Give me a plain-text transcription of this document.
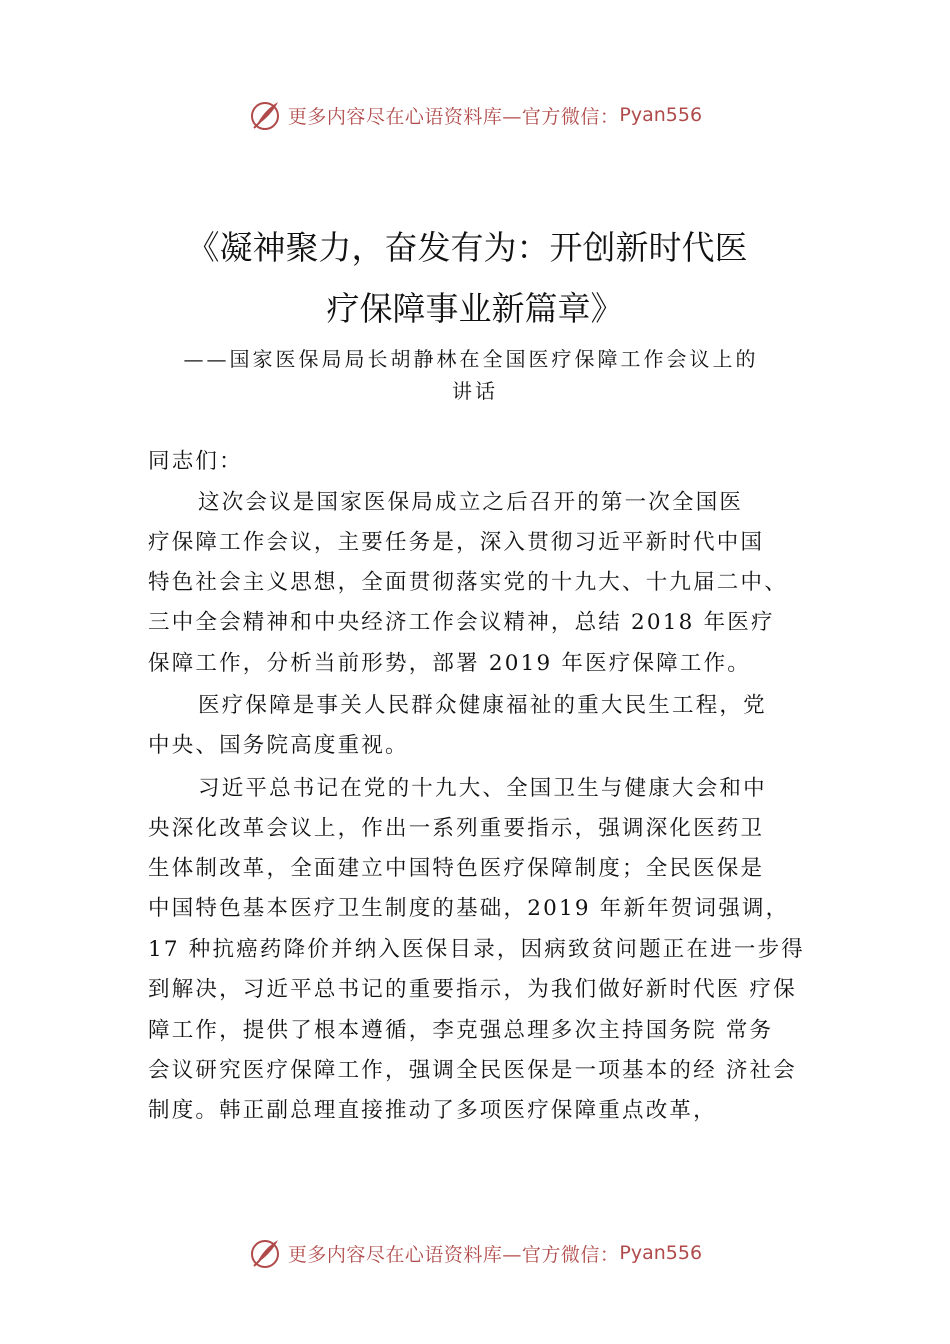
更多内容尽在心语资料库—官方微信： Pyan556
《凝神聚力，奋发有为：开创新时代医
疗保障事业新篇章》
——国家医保局局长胡静林在全国医疗保障工作会议上的
讲话
同志们：
这次会议是国家医保局成立之后召开的第一次全国医
疗保障工作会议，主要任务是，深入贯彻习近平新时代中国
特色社会主义思想，全面贯彻落实党的十九大、十九届二中、
三中全会精神和中央经济工作会议精神，总结 2018 年医疗
保障工作，分析当前形势，部署 2019 年医疗保障工作。
医疗保障是事关人民群众健康福祉的重大民生工程，党
中央、国务院高度重视。
习近平总书记在党的十九大、全国卫生与健康大会和中
央深化改革会议上，作出一系列重要指示，强调深化医药卫
生体制改革，全面建立中国特色医疗保障制度；全民医保是
中国特色基本医疗卫生制度的基础，2019 年新年贺词强调，
17 种抗癌药降价并纳入医保目录，因病致贫问题正在进一步得
到解决，习近平总书记的重要指示，为我们做好新时代医 疗保
障工作，提供了根本遵循，李克强总理多次主持国务院 常务
会议研究医疗保障工作，强调全民医保是一项基本的经 济社会
制度。韩正副总理直接推动了多项医疗保障重点改革，
更多内容尽在心语资料库—官方微信： Pyan556
